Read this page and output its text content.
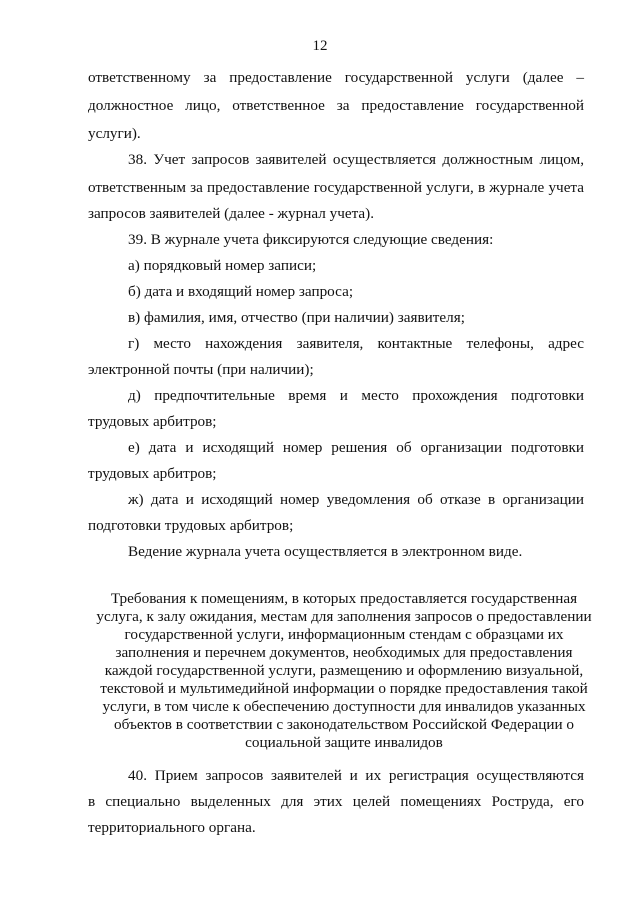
12
ответственному за предоставление государственной услуги (далее –
должностное лицо, ответственное за предоставление государственной
услуги).
38. Учет запросов заявителей осуществляется должностным лицом,
ответственным за предоставление государственной услуги, в журнале учета
запросов заявителей (далее - журнал учета).
39. В журнале учета фиксируются следующие сведения:
а) порядковый номер записи;
б) дата и входящий номер запроса;
в) фамилия, имя, отчество (при наличии) заявителя;
г) место нахождения заявителя, контактные телефоны, адрес
электронной почты (при наличии);
д) предпочтительные время и место прохождения подготовки
трудовых арбитров;
е) дата и исходящий номер решения об организации подготовки
трудовых арбитров;
ж) дата и исходящий номер уведомления об отказе в организации
подготовки трудовых арбитров;
Ведение журнала учета осуществляется в электронном виде.
Требования к помещениям, в которых предоставляется государственная
услуга, к залу ожидания, местам для заполнения запросов о предоставлении
государственной услуги, информационным стендам с образцами их
заполнения и перечнем документов, необходимых для предоставления
каждой государственной услуги, размещению и оформлению визуальной,
текстовой и мультимедийной информации о порядке предоставления такой
услуги, в том числе к обеспечению доступности для инвалидов указанных
объектов в соответствии с законодательством Российской Федерации о
социальной защите инвалидов
40. Прием запросов заявителей и их регистрация осуществляются
в специально выделенных для этих целей помещениях Роструда, его
территориального органа.
